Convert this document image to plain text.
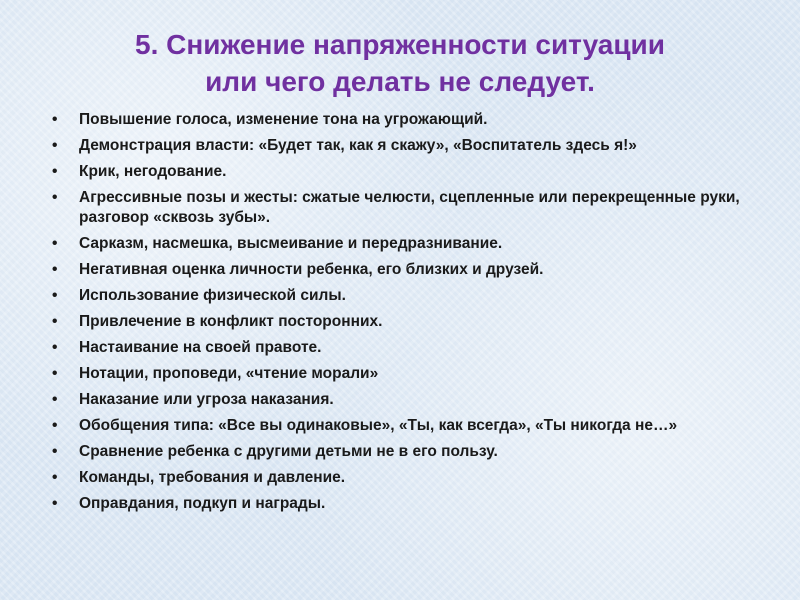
5. Снижение напряженности ситуации
или чего делать не следует.
•	Повышение голоса, изменение тона на угрожающий.
•	Демонстрация власти: «Будет так, как я скажу», «Воспитатель здесь я!»
•	Крик, негодование.
•	Агрессивные позы и жесты: сжатые челюсти, сцепленные или перекрещенные руки, разговор «сквозь зубы».
•	Сарказм, насмешка, высмеивание и передразнивание.
•	Негативная оценка личности ребенка, его близких и друзей.
•	Использование физической силы.
•	Привлечение в конфликт посторонних.
•	Настаивание на своей правоте.
•	Нотации, проповеди, «чтение морали»
•	Наказание или угроза наказания.
•	Обобщения типа: «Все вы одинаковые», «Ты, как всегда», «Ты никогда не…»
•	Сравнение ребенка с другими детьми не в его пользу.
•	Команды, требования и давление.
•	Оправдания, подкуп и награды.
